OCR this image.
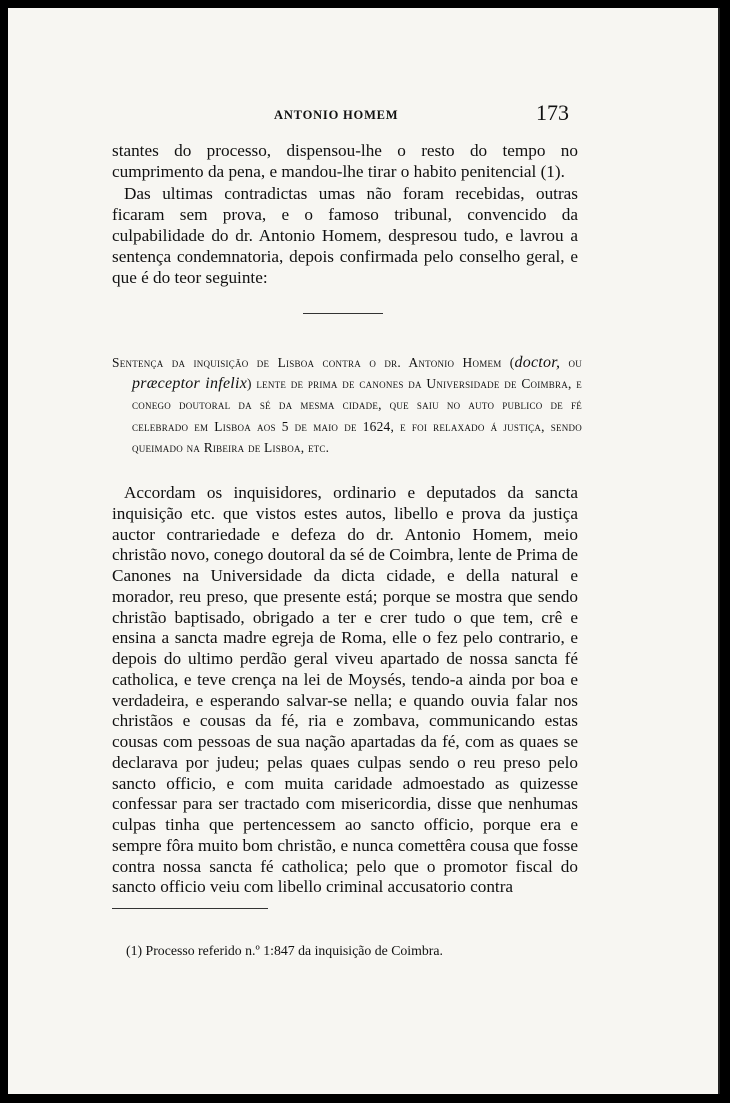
ANTONIO HOMEM	173
stantes do processo, dispensou-lhe o resto do tempo no cumprimento da pena, e mandou-lhe tirar o habito penitencial (1).
Das ultimas contradictas umas não foram recebidas, outras ficaram sem prova, e o famoso tribunal, convencido da culpabilidade do dr. Antonio Homem, despresou tudo, e lavrou a sentença condemnatoria, depois confirmada pelo conselho geral, e que é do teor seguinte:
Sentença da inquisição de Lisboa contra o dr. Antonio Homem (doctor, ou præceptor infelix) lente de prima de canones da Universidade de Coimbra, e conego doutoral da sé da mesma cidade, que saiu no auto publico de fé celebrado em Lisboa aos 5 de maio de 1624, e foi relaxado á justiça, sendo queimado na Ribeira de Lisboa, etc.
Accordam os inquisidores, ordinario e deputados da sancta inquisição etc. que vistos estes autos, libello e prova da justiça auctor contrariedade e defeza do dr. Antonio Homem, meio christão novo, conego doutoral da sé de Coimbra, lente de Prima de Canones na Universidade da dicta cidade, e della natural e morador, reu preso, que presente está; porque se mostra que sendo christão baptisado, obrigado a ter e crer tudo o que tem, crê e ensina a sancta madre egreja de Roma, elle o fez pelo contrario, e depois do ultimo perdão geral viveu apartado de nossa sancta fé catholica, e teve crença na lei de Moysés, tendo-a ainda por boa e verdadeira, e esperando salvar-se nella; e quando ouvia falar nos christãos e cousas da fé, ria e zombava, communicando estas cousas com pessoas de sua nação apartadas da fé, com as quaes se declarava por judeu; pelas quaes culpas sendo o reu preso pelo sancto officio, e com muita caridade admoestado as quizesse confessar para ser tractado com misericordia, disse que nenhumas culpas tinha que pertencessem ao sancto officio, porque era e sempre fôra muito bom christão, e nunca comettêra cousa que fosse contra nossa sancta fé catholica; pelo que o promotor fiscal do sancto officio veiu com libello criminal accusatorio contra
(1) Processo referido n.º 1:847 da inquisição de Coimbra.
